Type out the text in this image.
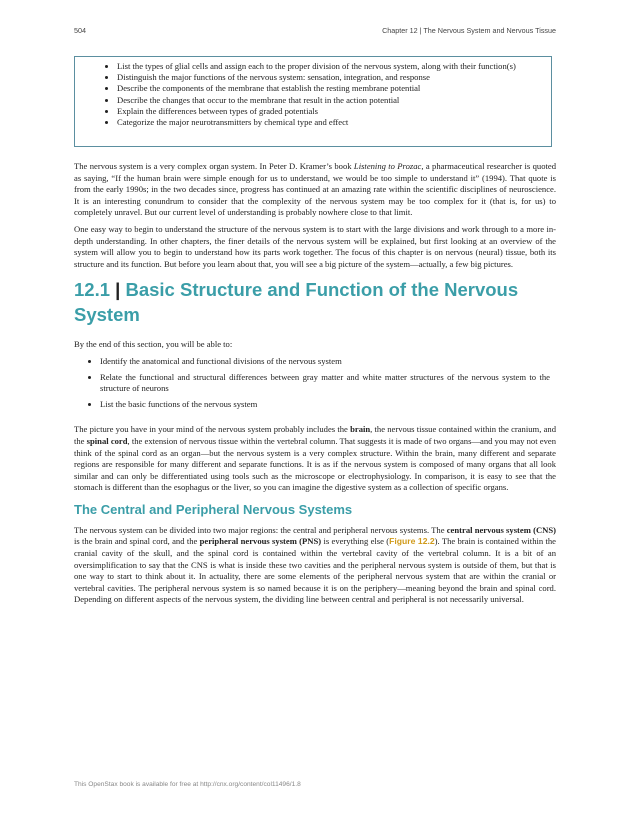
504	Chapter 12 | The Nervous System and Nervous Tissue
• List the types of glial cells and assign each to the proper division of the nervous system, along with their function(s)
• Distinguish the major functions of the nervous system: sensation, integration, and response
• Describe the components of the membrane that establish the resting membrane potential
• Describe the changes that occur to the membrane that result in the action potential
• Explain the differences between types of graded potentials
• Categorize the major neurotransmitters by chemical type and effect

The nervous system is a very complex organ system. In Peter D. Kramer’s book Listening to Prozac, a pharmaceutical researcher is quoted as saying, “If the human brain were simple enough for us to understand, we would be too simple to understand it” (1994). That quote is from the early 1990s; in the two decades since, progress has continued at an amazing rate within the scientific disciplines of neuroscience. It is an interesting conundrum to consider that the complexity of the nervous system may be too complex for it (that is, for us) to completely unravel. But our current level of understanding is probably nowhere close to that limit.

One easy way to begin to understand the structure of the nervous system is to start with the large divisions and work through to a more in-depth understanding. In other chapters, the finer details of the nervous system will be explained, but first looking at an overview of the system will allow you to begin to understand how its parts work together. The focus of this chapter is on nervous (neural) tissue, both its structure and its function. But before you learn about that, you will see a big picture of the system—actually, a few big pictures.

12.1 | Basic Structure and Function of the Nervous System

By the end of this section, you will be able to:

• Identify the anatomical and functional divisions of the nervous system
• Relate the functional and structural differences between gray matter and white matter structures of the nervous system to the structure of neurons
• List the basic functions of the nervous system

The picture you have in your mind of the nervous system probably includes the brain, the nervous tissue contained within the cranium, and the spinal cord, the extension of nervous tissue within the vertebral column. That suggests it is made of two organs—and you may not even think of the spinal cord as an organ—but the nervous system is a very complex structure. Within the brain, many different and separate regions are responsible for many different and separate functions. It is as if the nervous system is composed of many organs that all look similar and can only be differentiated using tools such as the microscope or electrophysiology. In comparison, it is easy to see that the stomach is different than the esophagus or the liver, so you can imagine the digestive system as a collection of specific organs.

The Central and Peripheral Nervous Systems

The nervous system can be divided into two major regions: the central and peripheral nervous systems. The central nervous system (CNS) is the brain and spinal cord, and the peripheral nervous system (PNS) is everything else (Figure 12.2). The brain is contained within the cranial cavity of the skull, and the spinal cord is contained within the vertebral cavity of the vertebral column. It is a bit of an oversimplification to say that the CNS is what is inside these two cavities and the peripheral nervous system is outside of them, but that is one way to start to think about it. In actuality, there are some elements of the peripheral nervous system that are within the cranial or vertebral cavities. The peripheral nervous system is so named because it is on the periphery—meaning beyond the brain and spinal cord. Depending on different aspects of the nervous system, the dividing line between central and peripheral is not necessarily universal.

This OpenStax book is available for free at http://cnx.org/content/col11496/1.8
